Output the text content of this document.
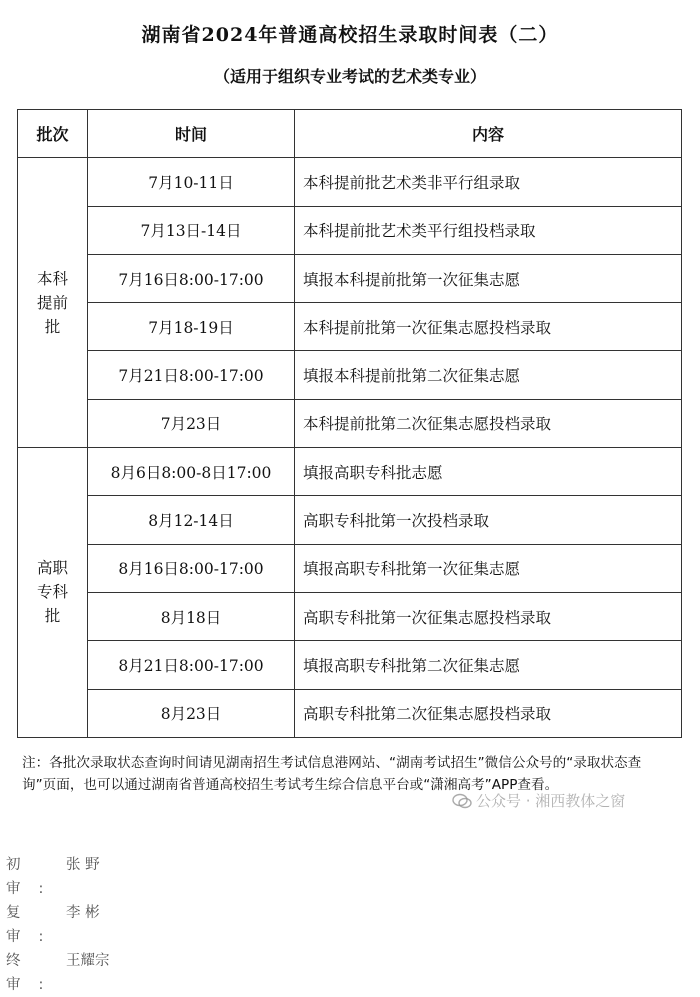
湖南省2024年普通高校招生录取时间表（二）
（适用于组织专业考试的艺术类专业）
批次	时间	内容
本科
提前
批	7月10-11日	本科提前批艺术类非平行组录取
	7月13日-14日	本科提前批艺术类平行组投档录取
	7月16日8:00-17:00	填报本科提前批第一次征集志愿
	7月18-19日	本科提前批第一次征集志愿投档录取
	7月21日8:00-17:00	填报本科提前批第二次征集志愿
	7月23日	本科提前批第二次征集志愿投档录取
高职
专科
批	8月6日8:00-8日17:00	填报高职专科批志愿
	8月12-14日	高职专科批第一次投档录取
	8月16日8:00-17:00	填报高职专科批第一次征集志愿
	8月18日	高职专科批第一次征集志愿投档录取
	8月21日8:00-17:00	填报高职专科批第二次征集志愿
	8月23日	高职专科批第二次征集志愿投档录取
注：各批次录取状态查询时间请见湖南招生考试信息港网站、“湖南考试招生”微信公众号的“录取状态查询”页面，也可以通过湖南省普通高校招生考试考生综合信息平台或“潇湘高考”APP查看。
公众号 · 湘西教体之窗
初审:
张 野
复审:
李 彬
终审:
王耀宗
